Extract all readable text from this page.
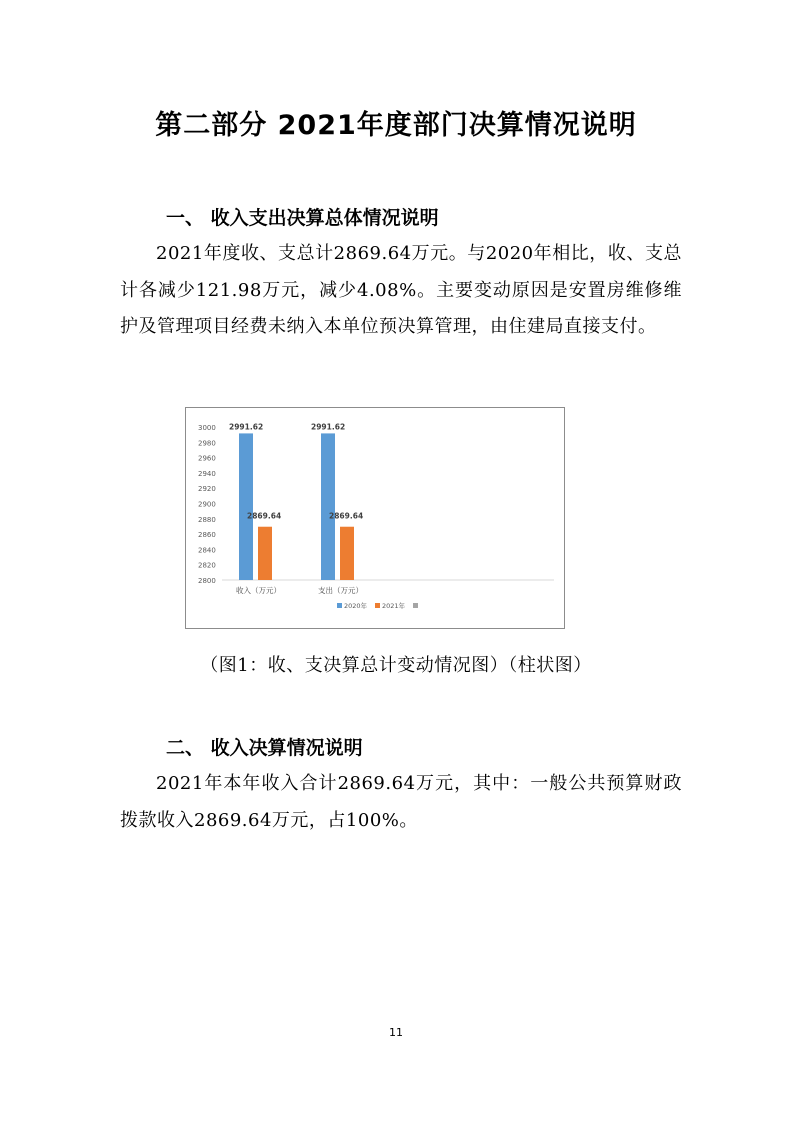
第二部分 2021年度部门决算情况说明
一、 收入支出决算总体情况说明
2021年度收、支总计2869.64万元。与2020年相比，收、支总计各减少121.98万元，减少4.08%。主要变动原因是安置房维修维护及管理项目经费未纳入本单位预决算管理，由住建局直接支付。
3000
2980
2960
2940
2920
2900
2880
2860
2840
2820
2800
2991.62
2869.64
收入（万元）
2991.62
2869.64
支出（万元）
2020年 2021年
（图1：收、支决算总计变动情况图）（柱状图）
二、 收入决算情况说明
2021年本年收入合计2869.64万元，其中：一般公共预算财政拨款收入2869.64万元，占100%。
11
